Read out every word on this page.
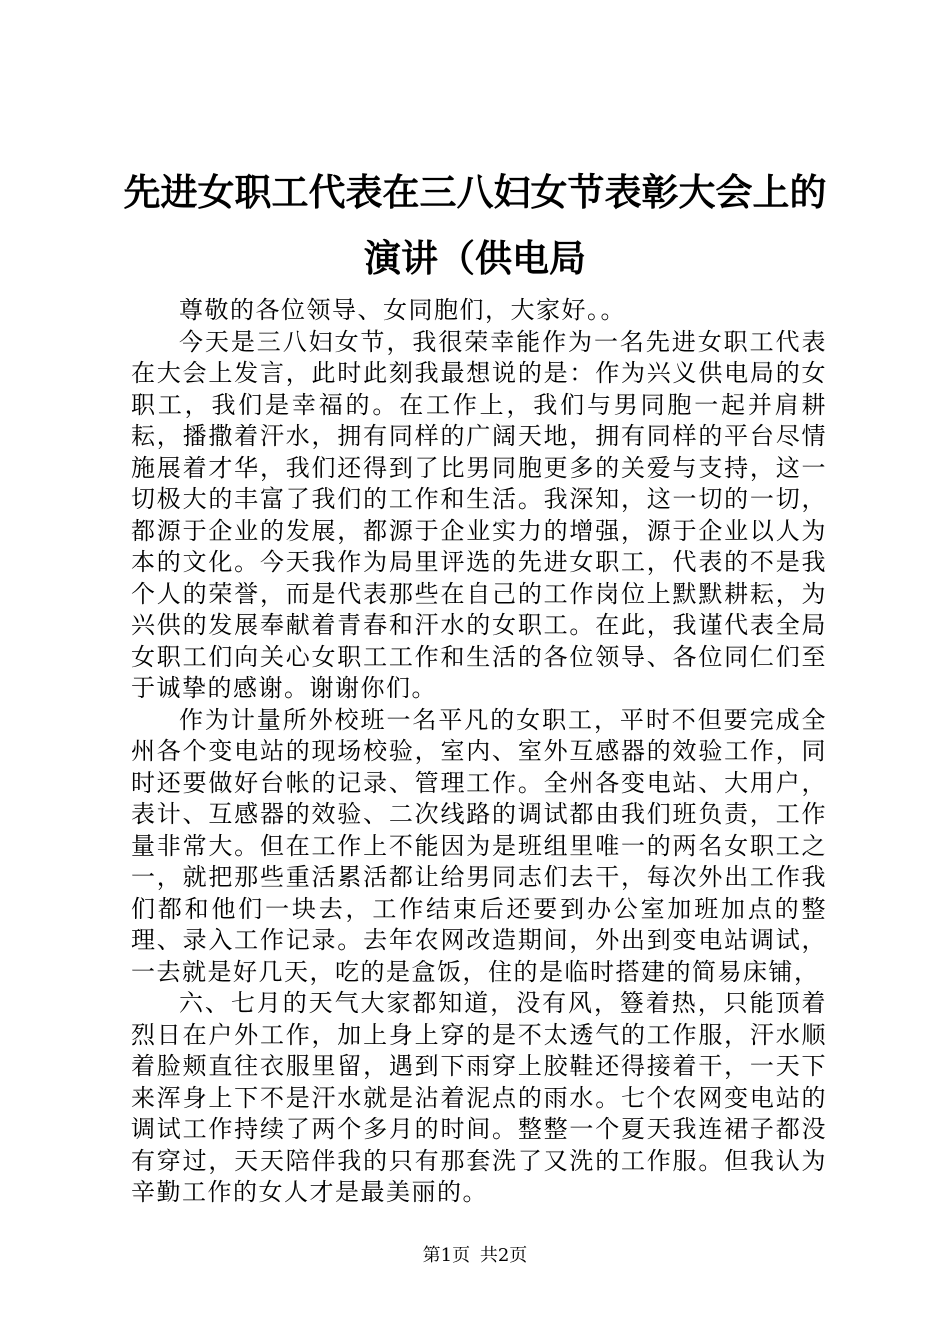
先进女职工代表在三八妇女节表彰大会上的演讲（供电局

尊敬的各位领导、女同胞们，大家好。。

今天是三八妇女节，我很荣幸能作为一名先进女职工代表在大会上发言，此时此刻我最想说的是：作为兴义供电局的女职工，我们是幸福的。在工作上，我们与男同胞一起并肩耕耘，播撒着汗水，拥有同样的广阔天地，拥有同样的平台尽情施展着才华，我们还得到了比男同胞更多的关爱与支持，这一切极大的丰富了我们的工作和生活。我深知，这一切的一切，都源于企业的发展，都源于企业实力的增强，源于企业以人为本的文化。今天我作为局里评选的先进女职工，代表的不是我个人的荣誉，而是代表那些在自己的工作岗位上默默耕耘，为兴供的发展奉献着青春和汗水的女职工。在此，我谨代表全局女职工们向关心女职工工作和生活的各位领导、各位同仁们至于诚挚的感谢。谢谢你们。

作为计量所外校班一名平凡的女职工，平时不但要完成全州各个变电站的现场校验，室内、室外互感器的效验工作，同时还要做好台帐的记录、管理工作。全州各变电站、大用户，表计、互感器的效验、二次线路的调试都由我们班负责，工作量非常大。但在工作上不能因为是班组里唯一的两名女职工之一，就把那些重活累活都让给男同志们去干，每次外出工作我们都和他们一块去，工作结束后还要到办公室加班加点的整理、录入工作记录。去年农网改造期间，外出到变电站调试，一去就是好几天，吃的是盒饭，住的是临时搭建的简易床铺，

六、七月的天气大家都知道，没有风，簦着热，只能顶着烈日在户外工作，加上身上穿的是不太透气的工作服，汗水顺着脸颊直往衣服里留，遇到下雨穿上胶鞋还得接着干，一天下来浑身上下不是汗水就是沾着泥点的雨水。七个农网变电站的调试工作持续了两个多月的时间。整整一个夏天我连裙子都没有穿过，天天陪伴我的只有那套洗了又洗的工作服。但我认为辛勤工作的女人才是最美丽的。

第1页 共2页
